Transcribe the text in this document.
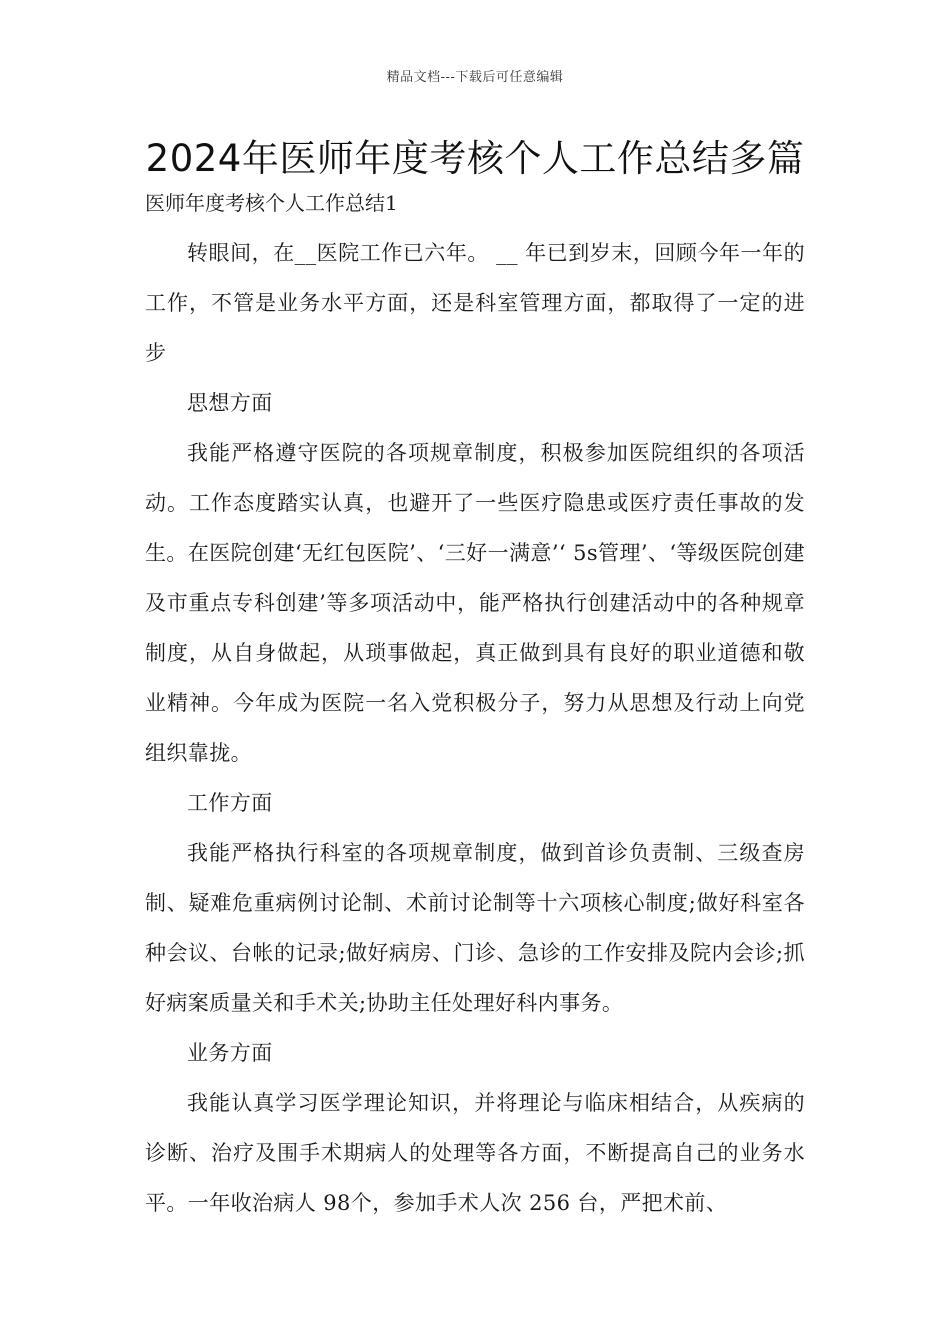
精品文档---下载后可任意编辑
2024年医师年度考核个人工作总结多篇
医师年度考核个人工作总结1

转眼间，在__医院工作已六年。 __ 年已到岁末，回顾今年一年的工作，不管是业务水平方面，还是科室管理方面，都取得了一定的进步

思想方面

我能严格遵守医院的各项规章制度，积极参加医院组织的各项活动。工作态度踏实认真，也避开了一些医疗隐患或医疗责任事故的发生。在医院创建‘无红包医院’、‘三好一满意’‘ 5s管理’、‘等级医院创建及市重点专科创建’等多项活动中，能严格执行创建活动中的各种规章制度，从自身做起，从琐事做起，真正做到具有良好的职业道德和敬业精神。今年成为医院一名入党积极分子，努力从思想及行动上向党组织靠拢。

工作方面

我能严格执行科室的各项规章制度，做到首诊负责制、三级查房制、疑难危重病例讨论制、术前讨论制等十六项核心制度;做好科室各种会议、台帐的记录;做好病房、门诊、急诊的工作安排及院内会诊;抓好病案质量关和手术关;协助主任处理好科内事务。

业务方面

我能认真学习医学理论知识，并将理论与临床相结合，从疾病的诊断、治疗及围手术期病人的处理等各方面，不断提高自己的业务水平。一年收治病人 98个，参加手术人次 256 台，严把术前、
